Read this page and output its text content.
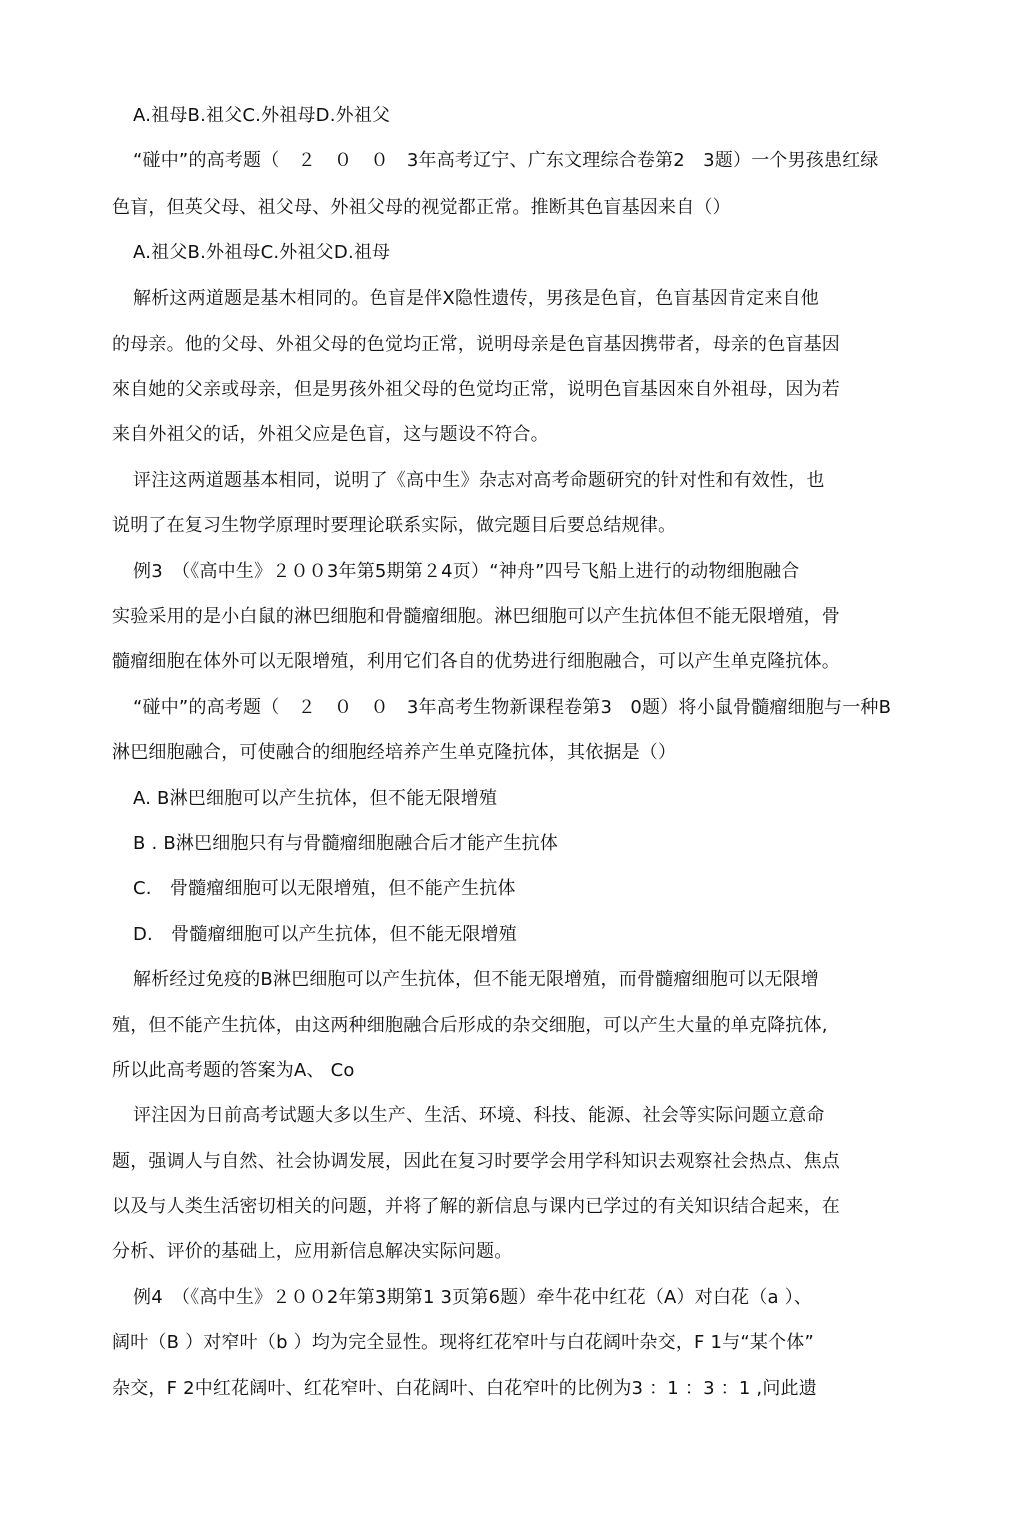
A.祖母B.祖父C.外祖母D.外祖父
“碰中”的高考题（　２　０　０　3年高考辽宁、广东文理综合卷第2　3题）一个男孩患红绿
色盲，但英父母、祖父母、外祖父母的视觉都正常。推断其色盲基因来自（）
A.祖父B.外祖母C.外祖父D.祖母
解析这两道题是基木相同的。色盲是伴X隐性遗传，男孩是色盲，色盲基因肯定来自他
的母亲。他的父母、外祖父母的色觉均正常，说明母亲是色盲基因携带者，母亲的色盲基因
來自她的父亲或母亲，但是男孩外祖父母的色觉均正常，说明色盲基因來自外祖母，因为若
来自外祖父的话，外祖父应是色盲，这与题设不符合。
评注这两道题基本相同，说明了《高中生》杂志对高考命题研究的针对性和有效性，也
说明了在复习生物学原理时要理论联系实际，做完题目后要总结规律。
例3　（《高中生》２００3年第5期第２4页）“神舟”四号飞船上进行的动物细胞融合
实验采用的是小白鼠的淋巴细胞和骨髓瘤细胞。淋巴细胞可以产生抗体但不能无限增殖，骨
髓瘤细胞在体外可以无限增殖，利用它们各自的优势进行细胞融合，可以产生单克隆抗体。
“碰中”的高考题（　２　０　０　3年高考生物新课程卷第3　0题）将小鼠骨髓瘤细胞与一种B
淋巴细胞融合，可使融合的细胞经培养产生单克隆抗体，其依据是（）
A. B淋巴细胞可以产生抗体，但不能无限增殖
B . B淋巴细胞只有与骨髓瘤细胞融合后才能产生抗体
C.　骨髓瘤细胞可以无限增殖，但不能产生抗体
D.　骨髓瘤细胞可以产生抗体，但不能无限增殖
解析经过免疫的B淋巴细胞可以产生抗体，但不能无限增殖，而骨髓瘤细胞可以无限增
殖，但不能产生抗体，由这两种细胞融合后形成的杂交细胞，可以产生大量的单克降抗体,
所以此高考题的答案为A、 Co
评注因为日前高考试题大多以生产、生活、环境、科技、能源、社会等实际问题立意命
题，强调人与自然、社会协调发展，因此在复习时要学会用学科知识去观察社会热点、焦点
以及与人类生活密切相关的问题，并将了解的新信息与课内已学过的有关知识结合起来，在
分析、评价的基础上，应用新信息解决实际问题。
例4　（《高中生》２００2年第3期第1 3页第6题）牵牛花中红花（A）对白花（a ）、
阔叶（B ）对窄叶（b ）均为完全显性。现将红花窄叶与白花阔叶杂交，F 1与“某个体”
杂交，F 2中红花阔叶、红花窄叶、白花阔叶、白花窄叶的比例为3 ：1 ：3 ：1 ,问此遗
